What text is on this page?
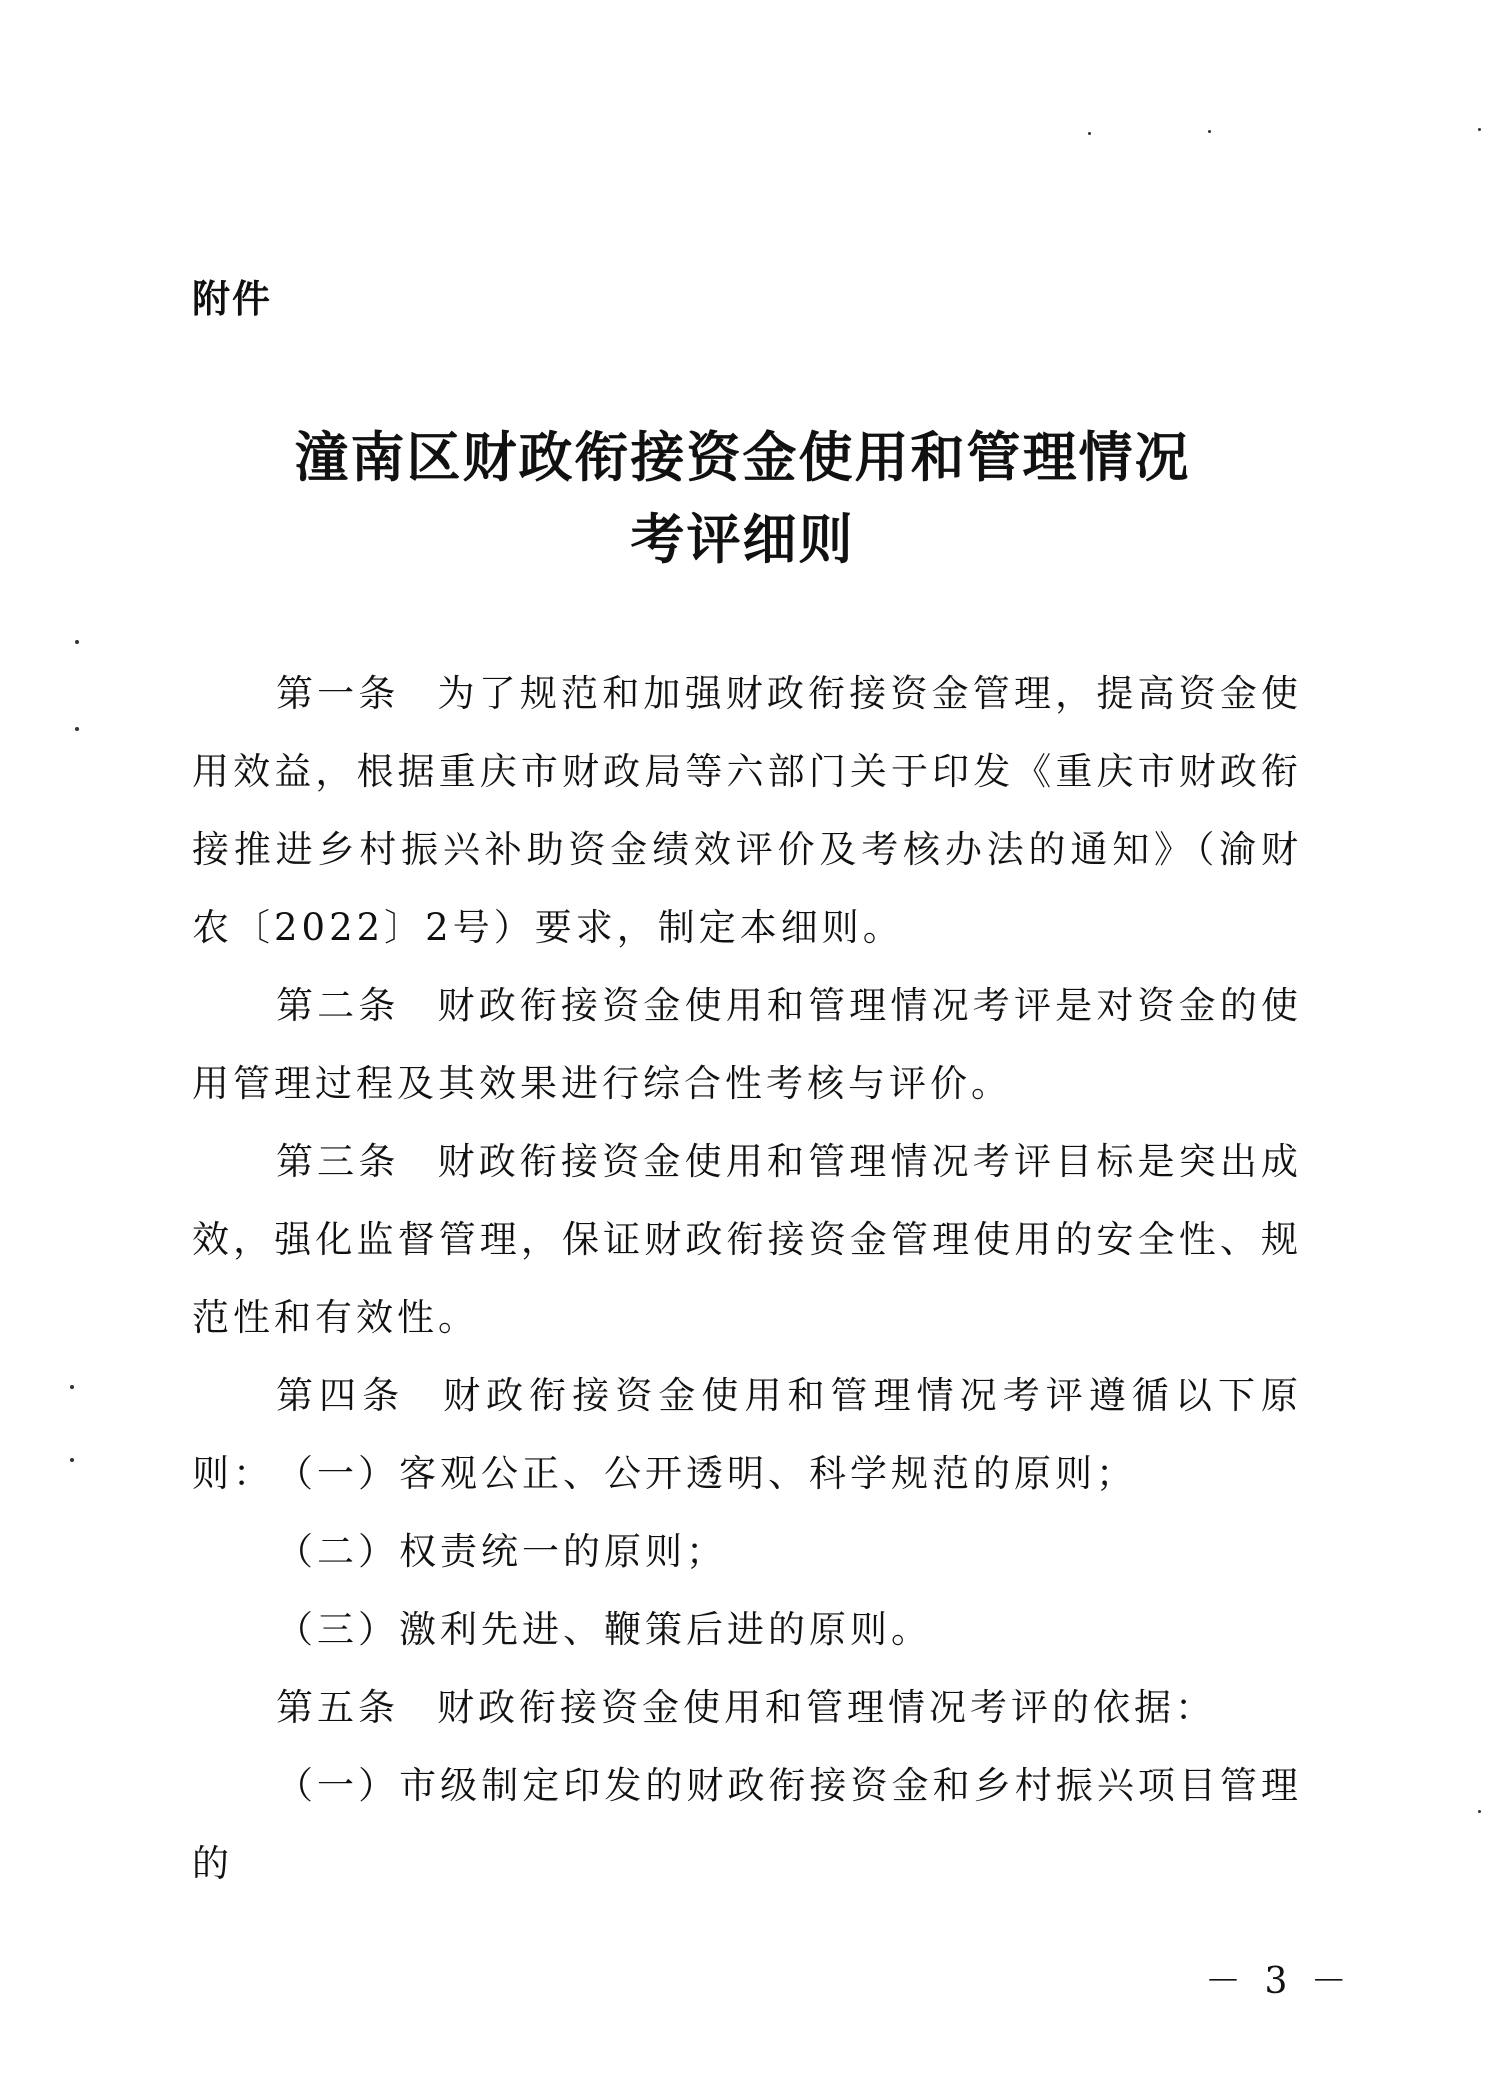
附件
潼南区财政衔接资金使用和管理情况
考评细则

第一条 为了规范和加强财政衔接资金管理，提高资金使用效益，根据重庆市财政局等六部门关于印发《重庆市财政衔接推进乡村振兴补助资金绩效评价及考核办法的通知》（渝财农〔2022〕2号）要求，制定本细则。

第二条 财政衔接资金使用和管理情况考评是对资金的使用管理过程及其效果进行综合性考核与评价。

第三条 财政衔接资金使用和管理情况考评目标是突出成效，强化监督管理，保证财政衔接资金管理使用的安全性、规范性和有效性。

第四条 财政衔接资金使用和管理情况考评遵循以下原则： （一）客观公正、公开透明、科学规范的原则；

（二）权责统一的原则；

（三）激利先进、鞭策后进的原则。

第五条 财政衔接资金使用和管理情况考评的依据：

（一）市级制定印发的财政衔接资金和乡村振兴项目管理的

－ 3 －
